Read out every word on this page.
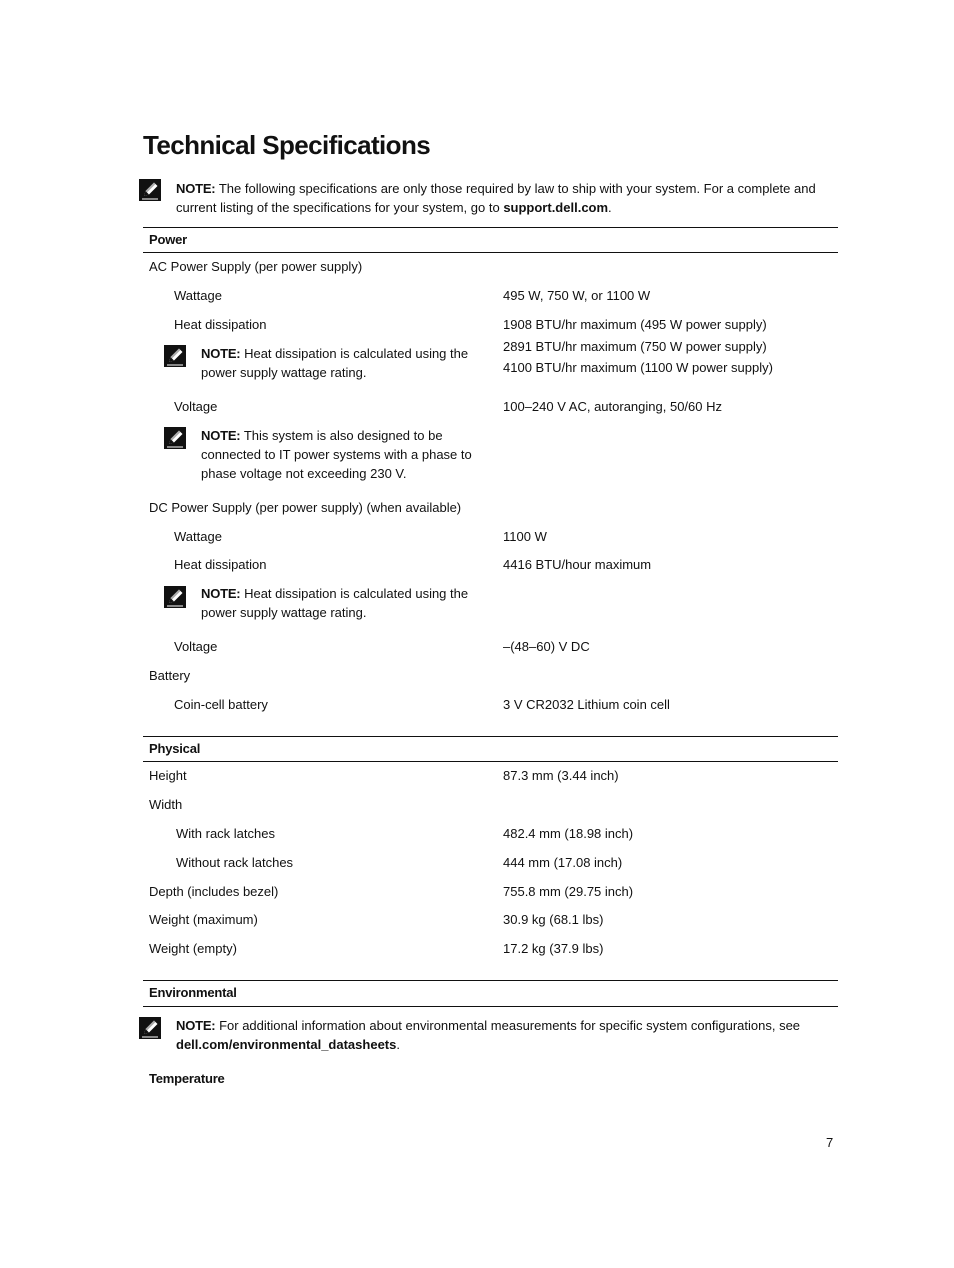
Technical Specifications
NOTE: The following specifications are only those required by law to ship with your system. For a complete and
current listing of the specifications for your system, go to support.dell.com.
Power
AC Power Supply (per power supply)
Wattage	495 W, 750 W, or 1100 W
Heat dissipation	1908 BTU/hr maximum (495 W power supply)
2891 BTU/hr maximum (750 W power supply)
4100 BTU/hr maximum (1100 W power supply)
NOTE: Heat dissipation is calculated using the
power supply wattage rating.
Voltage	100–240 V AC, autoranging, 50/60 Hz
NOTE: This system is also designed to be
connected to IT power systems with a phase to
phase voltage not exceeding 230 V.
DC Power Supply (per power supply) (when available)
Wattage	1100 W
Heat dissipation	4416 BTU/hour maximum
NOTE: Heat dissipation is calculated using the
power supply wattage rating.
Voltage	–(48–60) V DC
Battery
Coin-cell battery	3 V CR2032 Lithium coin cell
Physical
Height	87.3 mm (3.44 inch)
Width
With rack latches	482.4 mm (18.98 inch)
Without rack latches	444 mm (17.08 inch)
Depth (includes bezel)	755.8 mm (29.75 inch)
Weight (maximum)	30.9 kg (68.1 lbs)
Weight (empty)	17.2 kg (37.9 lbs)
Environmental
NOTE: For additional information about environmental measurements for specific system configurations, see
dell.com/environmental_datasheets.
Temperature
7
